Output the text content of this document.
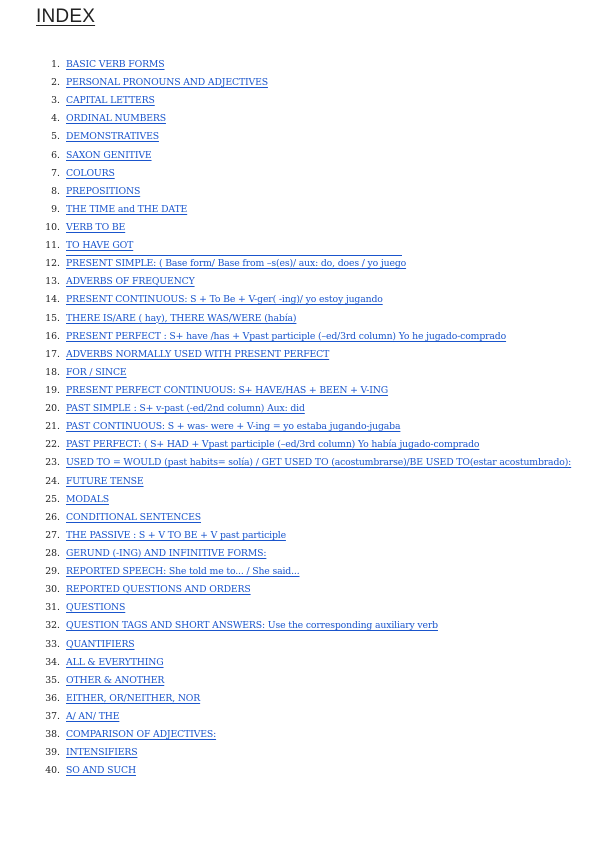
INDEX
1. BASIC VERB FORMS
2. PERSONAL PRONOUNS AND ADJECTIVES
3. CAPITAL LETTERS
4. ORDINAL NUMBERS
5. DEMONSTRATIVES
6. SAXON GENITIVE
7. COLOURS
8. PREPOSITIONS
9. THE TIME and THE DATE
10. VERB TO BE
11. TO HAVE GOT
12. PRESENT SIMPLE: ( Base form/ Base from –s(es)/ aux: do, does / yo juego
13. ADVERBS OF FREQUENCY
14. PRESENT CONTINUOUS: S + To Be + V-ger( -ing)/ yo estoy jugando
15. THERE IS/ARE ( hay), THERE WAS/WERE (había)
16. PRESENT PERFECT : S+ have /has + Vpast participle (–ed/3rd column) Yo he jugado-comprado
17. ADVERBS NORMALLY USED WITH PRESENT PERFECT
18. FOR / SINCE
19. PRESENT PERFECT CONTINUOUS: S+ HAVE/HAS + BEEN + V-ING
20. PAST SIMPLE : S+ v-past (-ed/2nd column) Aux: did
21. PAST CONTINUOUS: S + was- were + V-ing = yo estaba jugando-jugaba
22. PAST PERFECT: ( S+ HAD + Vpast participle (–ed/3rd column) Yo había jugado-comprado
23. USED TO = WOULD (past habits= solía) / GET USED TO (acostumbrarse)/BE USED TO(estar acostumbrado):
24. FUTURE TENSE
25. MODALS
26. CONDITIONAL SENTENCES
27. THE PASSIVE : S + V TO BE + V past participle
28. GERUND (-ING) AND INFINITIVE FORMS:
29. REPORTED SPEECH: She told me to... / She said...
30. REPORTED QUESTIONS AND ORDERS
31. QUESTIONS
32. QUESTION TAGS AND SHORT ANSWERS: Use the corresponding auxiliary verb
33. QUANTIFIERS
34. ALL & EVERYTHING
35. OTHER & ANOTHER
36. EITHER, OR/NEITHER, NOR
37. A/ AN/ THE
38. COMPARISON OF ADJECTIVES:
39. INTENSIFIERS
40. SO AND SUCH
